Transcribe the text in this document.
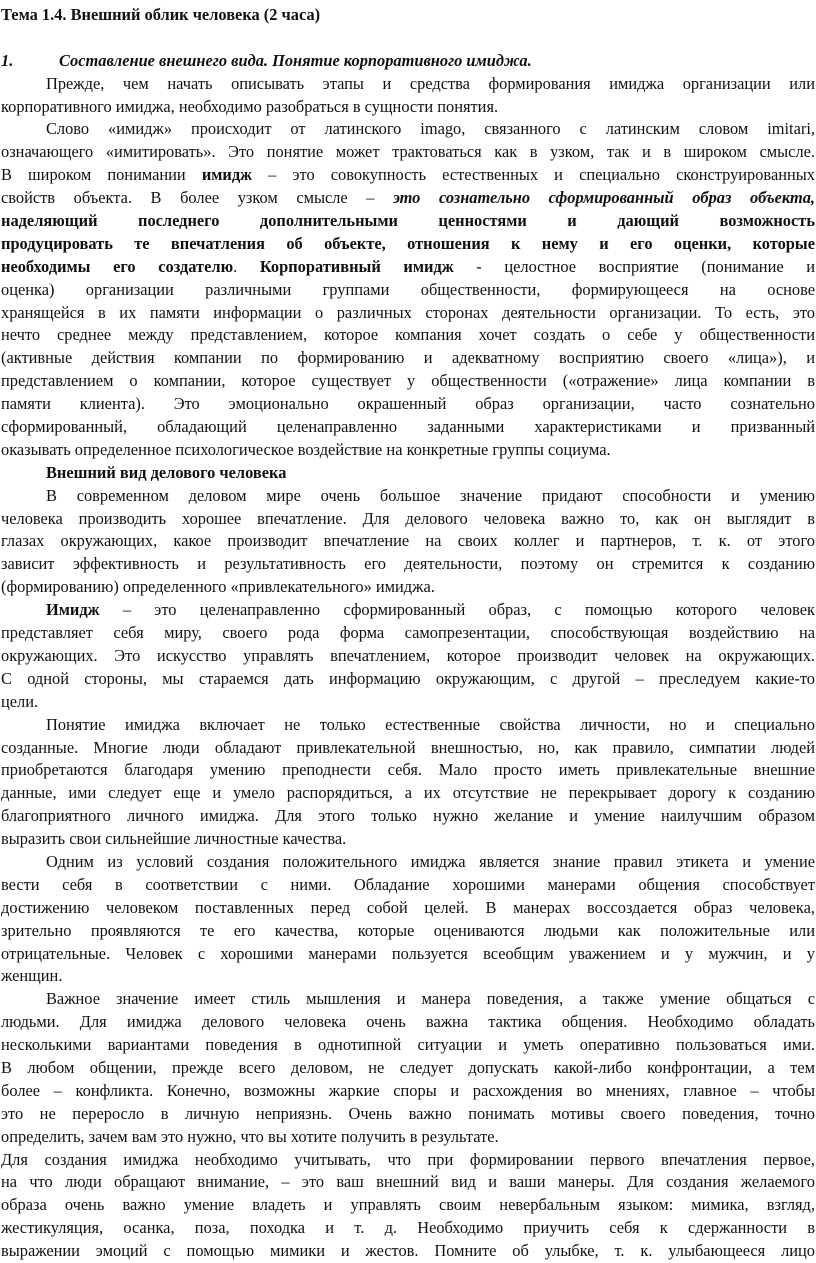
Тема 1.4. Внешний облик человека (2 часа)
1.	Составление внешнего вида. Понятие корпоративного имиджа.
Прежде, чем начать описывать этапы и средства формирования имиджа организации или
корпоративного имиджа, необходимо разобраться в сущности понятия.
Слово «имидж» происходит от латинского imago, связанного с латинским словом imitari,
означающего «имитировать». Это понятие может трактоваться как в узком, так и в широком смысле.
В широком понимании имидж – это совокупность естественных и специально сконструированных
свойств объекта. В более узком смысле – это сознательно сформированный образ объекта,
наделяющий последнего дополнительными ценностями и дающий возможность
продуцировать те впечатления об объекте, отношения к нему и его оценки, которые
необходимы его создателю. Корпоративный имидж - целостное восприятие (понимание и
оценка) организации различными группами общественности, формирующееся на основе
хранящейся в их памяти информации о различных сторонах деятельности организации. То есть, это
нечто среднее между представлением, которое компания хочет создать о себе у общественности
(активные действия компании по формированию и адекватному восприятию своего «лица»), и
представлением о компании, которое существует у общественности («отражение» лица компании в
памяти клиента). Это эмоционально окрашенный образ организации, часто сознательно
сформированный, обладающий целенаправленно заданными характеристиками и призванный
оказывать определенное психологическое воздействие на конкретные группы социума.
Внешний вид делового человека
В современном деловом мире очень большое значение придают способности и умению
человека производить хорошее впечатление. Для делового человека важно то, как он выглядит в
глазах окружающих, какое производит впечатление на своих коллег и партнеров, т. к. от этого
зависит эффективность и результативность его деятельности, поэтому он стремится к созданию
(формированию) определенного «привлекательного» имиджа.
Имидж – это целенаправленно сформированный образ, с помощью которого человек
представляет себя миру, своего рода форма самопрезентации, способствующая воздействию на
окружающих. Это искусство управлять впечатлением, которое производит человек на окружающих.
С одной стороны, мы стараемся дать информацию окружающим, с другой – преследуем какие-то
цели.
Понятие имиджа включает не только естественные свойства личности, но и специально
созданные. Многие люди обладают привлекательной внешностью, но, как правило, симпатии людей
приобретаются благодаря умению преподнести себя. Мало просто иметь привлекательные внешние
данные, ими следует еще и умело распорядиться, а их отсутствие не перекрывает дорогу к созданию
благоприятного личного имиджа. Для этого только нужно желание и умение наилучшим образом
выразить свои сильнейшие личностные качества.
Одним из условий создания положительного имиджа является знание правил этикета и умение
вести себя в соответствии с ними. Обладание хорошими манерами общения способствует
достижению человеком поставленных перед собой целей. В манерах воссоздается образ человека,
зрительно проявляются те его качества, которые оцениваются людьми как положительные или
отрицательные. Человек с хорошими манерами пользуется всеобщим уважением и у мужчин, и у
женщин.
Важное значение имеет стиль мышления и манера поведения, а также умение общаться с
людьми. Для имиджа делового человека очень важна тактика общения. Необходимо обладать
несколькими вариантами поведения в однотипной ситуации и уметь оперативно пользоваться ими.
В любом общении, прежде всего деловом, не следует допускать какой-либо конфронтации, а тем
более – конфликта. Конечно, возможны жаркие споры и расхождения во мнениях, главное – чтобы
это не переросло в личную неприязнь. Очень важно понимать мотивы своего поведения, точно
определить, зачем вам это нужно, что вы хотите получить в результате.
Для создания имиджа необходимо учитывать, что при формировании первого впечатления первое,
на что люди обращают внимание, – это ваш внешний вид и ваши манеры. Для создания желаемого
образа очень важно умение владеть и управлять своим невербальным языком: мимика, взгляд,
жестикуляция, осанка, поза, походка и т. д. Необходимо приучить себя к сдержанности в
выражении эмоций с помощью мимики и жестов. Помните об улыбке, т. к. улыбающееся лицо
